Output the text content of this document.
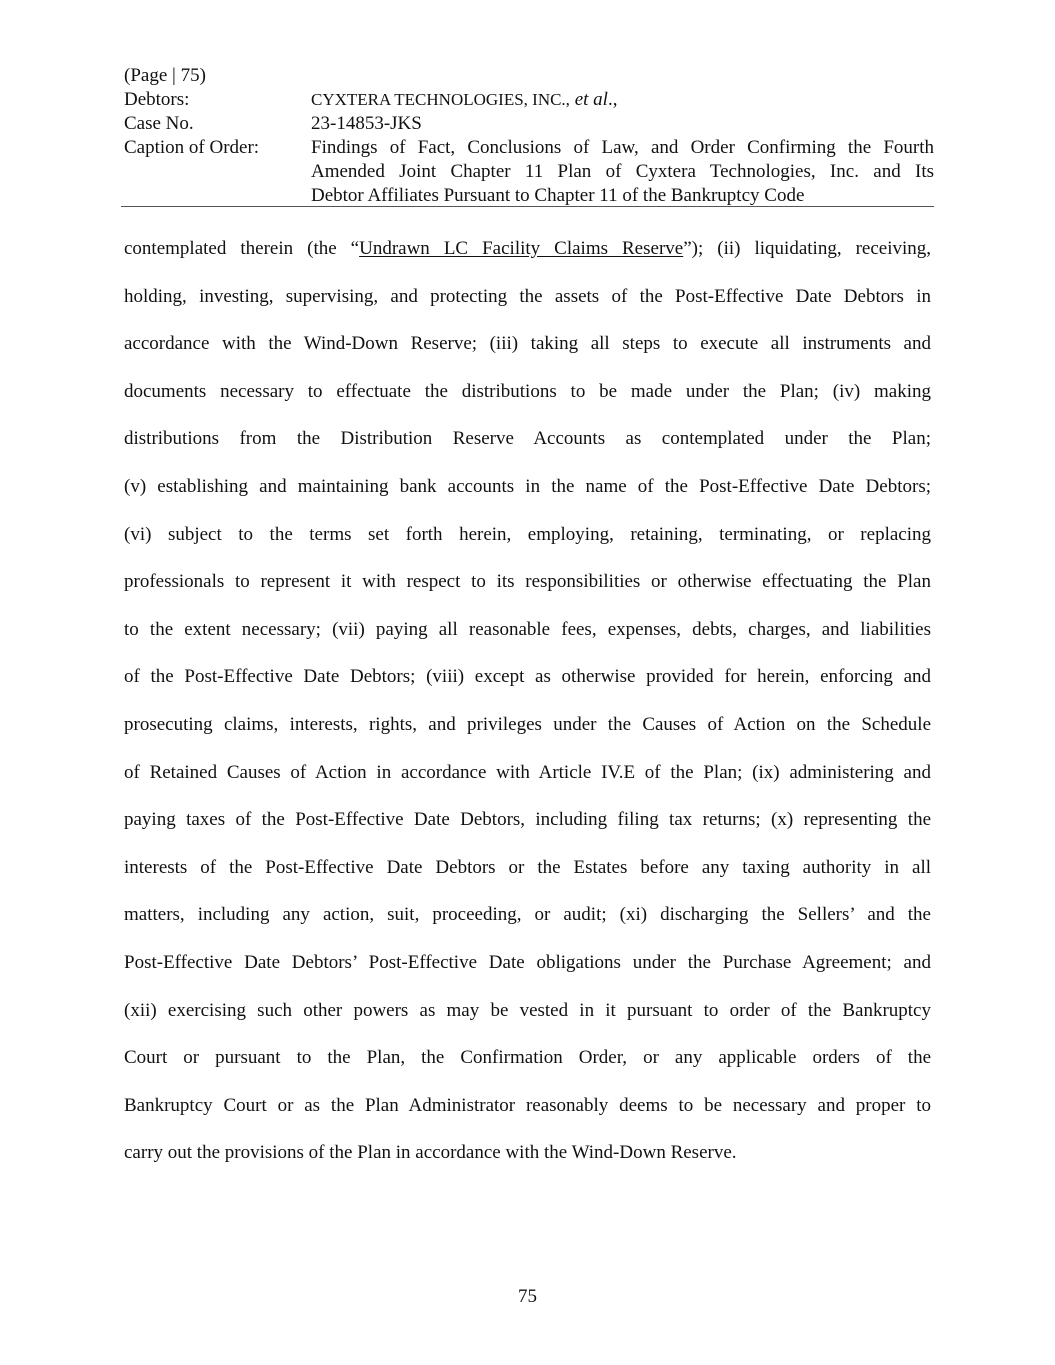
(Page | 75)
Debtors:	CYXTERA TECHNOLOGIES, INC., et al.,
Case No.	23-14853-JKS
Caption of Order:	Findings of Fact, Conclusions of Law, and Order Confirming the Fourth
Amended Joint Chapter 11 Plan of Cyxtera Technologies, Inc. and Its
Debtor Affiliates Pursuant to Chapter 11 of the Bankruptcy Code
contemplated therein (the “Undrawn LC Facility Claims Reserve”); (ii) liquidating, receiving,
holding, investing, supervising, and protecting the assets of the Post-Effective Date Debtors in
accordance with the Wind-Down Reserve; (iii) taking all steps to execute all instruments and
documents necessary to effectuate the distributions to be made under the Plan; (iv) making
distributions from the Distribution Reserve Accounts as contemplated under the Plan;
(v) establishing and maintaining bank accounts in the name of the Post-Effective Date Debtors;
(vi) subject to the terms set forth herein, employing, retaining, terminating, or replacing
professionals to represent it with respect to its responsibilities or otherwise effectuating the Plan
to the extent necessary; (vii) paying all reasonable fees, expenses, debts, charges, and liabilities
of the Post-Effective Date Debtors; (viii) except as otherwise provided for herein, enforcing and
prosecuting claims, interests, rights, and privileges under the Causes of Action on the Schedule
of Retained Causes of Action in accordance with Article IV.E of the Plan; (ix) administering and
paying taxes of the Post-Effective Date Debtors, including filing tax returns; (x) representing the
interests of the Post-Effective Date Debtors or the Estates before any taxing authority in all
matters, including any action, suit, proceeding, or audit; (xi) discharging the Sellers’ and the
Post-Effective Date Debtors’ Post-Effective Date obligations under the Purchase Agreement; and
(xii) exercising such other powers as may be vested in it pursuant to order of the Bankruptcy
Court or pursuant to the Plan, the Confirmation Order, or any applicable orders of the
Bankruptcy Court or as the Plan Administrator reasonably deems to be necessary and proper to
carry out the provisions of the Plan in accordance with the Wind-Down Reserve.
75
